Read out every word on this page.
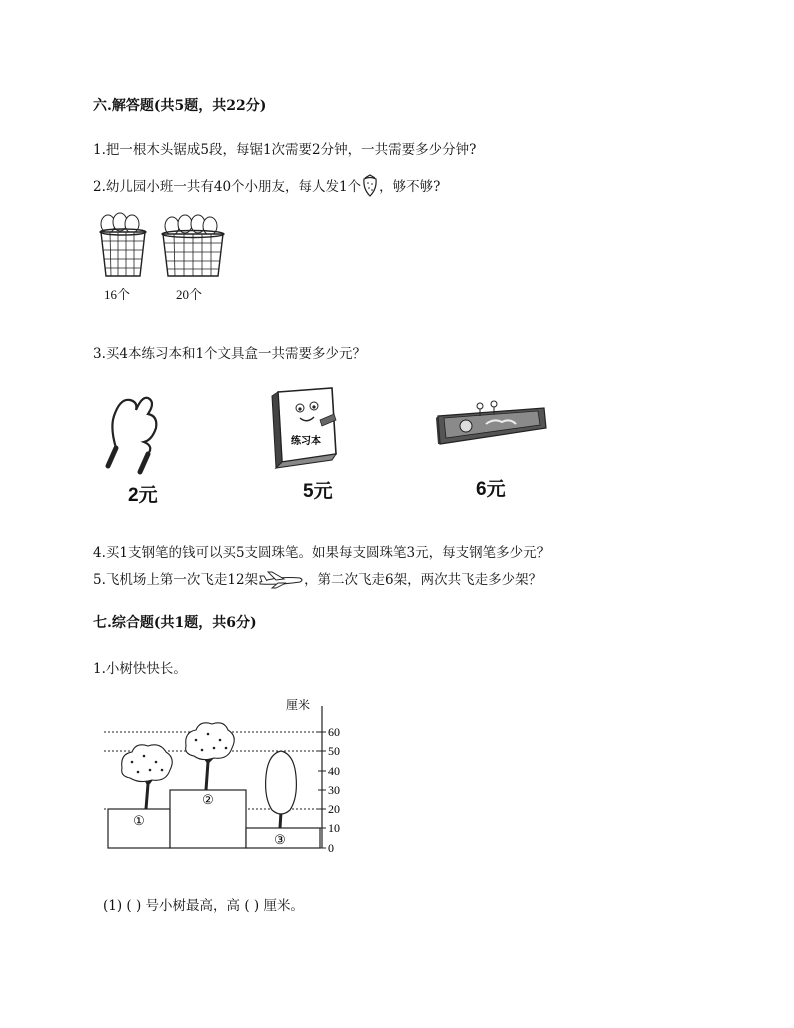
六.解答题(共5题，共22分)
1.把一根木头锯成5段，每锯1次需要2分钟，一共需要多少分钟?
2.幼儿园小班一共有40个小朋友，每人发1个 ，够不够?
16个	20个
3.买4本练习本和1个文具盒一共需要多少元？
2元
练习本
5元	6元
4.买1支钢笔的钱可以买5支圆珠笔。如果每支圆珠笔3元，每支钢笔多少元？
5.飞机场上第一次飞走12架	，第二次飞走6架，两次共飞走多少架？
七.综合题(共1题，共6分)
1.小树快快长。
厘米
60
50
40
30
20
10
0
①
②
③
(1) ( ) 号小树最高，高 ( ) 厘米。
